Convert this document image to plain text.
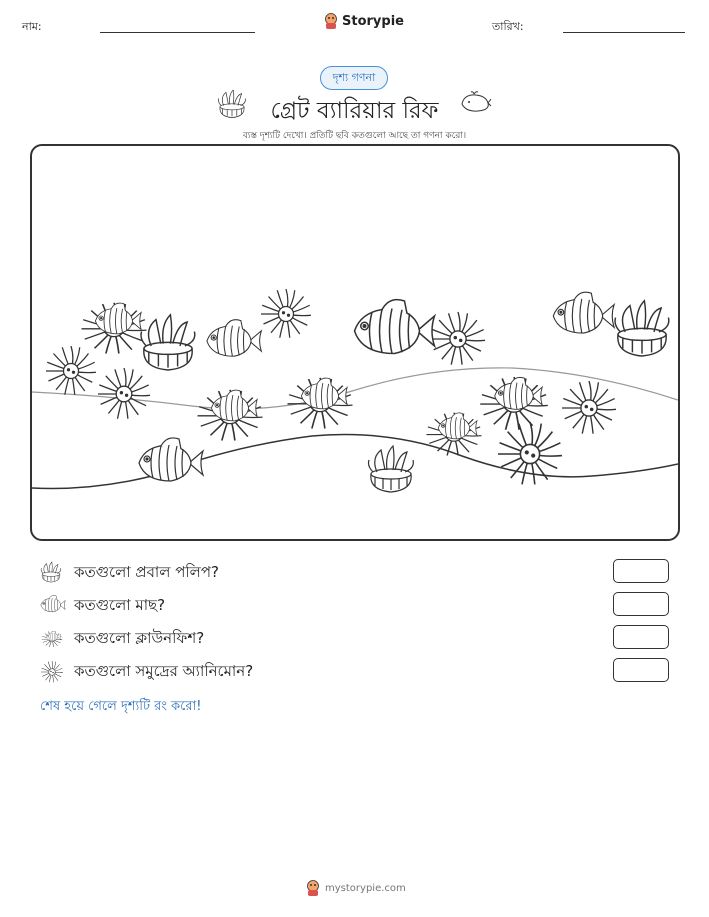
নাম:	Storypie	তারিখ:
দৃশ্য গণনা
গ্রেট ব্যারিয়ার রিফ
ব্যস্ত দৃশ্যটি দেখো। প্রতিটি ছবি কতগুলো আছে তা গণনা করো।
কতগুলো প্রবাল পলিপ?
কতগুলো মাছ?
কতগুলো ক্লাউনফিশ?
কতগুলো সমুদ্রের অ্যানিমোন?
শেষ হয়ে গেলে দৃশ্যটি রং করো!
mystorypie.com
